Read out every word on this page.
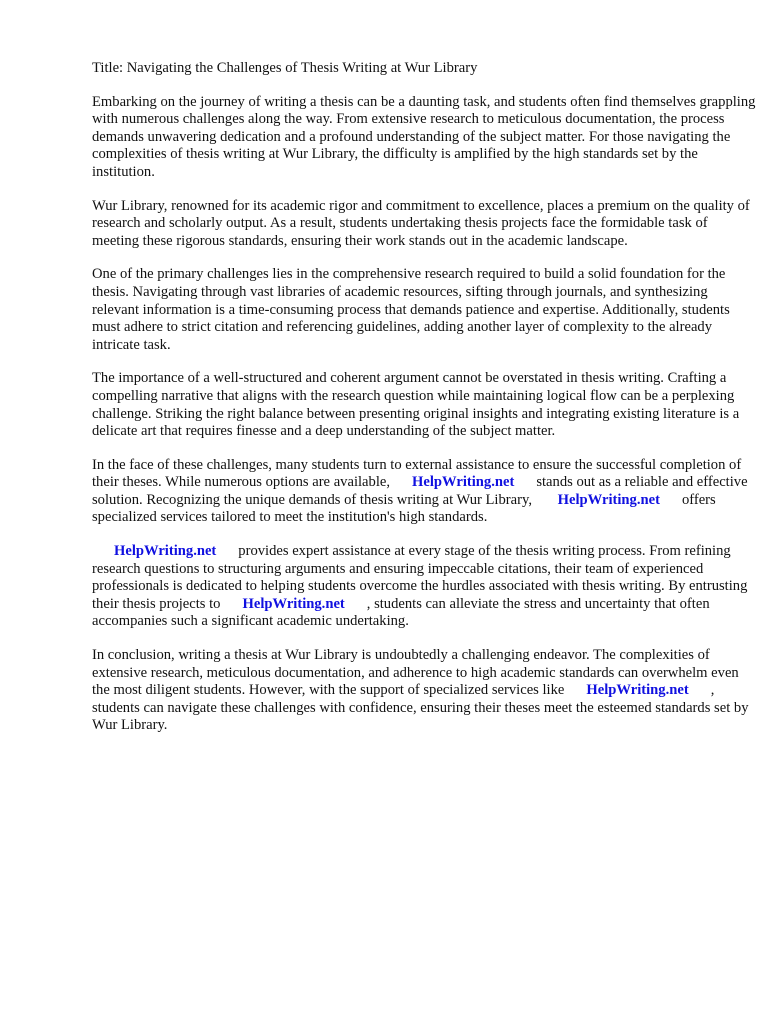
Title: Navigating the Challenges of Thesis Writing at Wur Library

Embarking on the journey of writing a thesis can be a daunting task, and students often find themselves grappling with numerous challenges along the way. From extensive research to meticulous documentation, the process demands unwavering dedication and a profound understanding of the subject matter. For those navigating the complexities of thesis writing at Wur Library, the difficulty is amplified by the high standards set by the institution.

Wur Library, renowned for its academic rigor and commitment to excellence, places a premium on the quality of research and scholarly output. As a result, students undertaking thesis projects face the formidable task of meeting these rigorous standards, ensuring their work stands out in the academic landscape.

One of the primary challenges lies in the comprehensive research required to build a solid foundation for the thesis. Navigating through vast libraries of academic resources, sifting through journals, and synthesizing relevant information is a time-consuming process that demands patience and expertise. Additionally, students must adhere to strict citation and referencing guidelines, adding another layer of complexity to the already intricate task.

The importance of a well-structured and coherent argument cannot be overstated in thesis writing. Crafting a compelling narrative that aligns with the research question while maintaining logical flow can be a perplexing challenge. Striking the right balance between presenting original insights and integrating existing literature is a delicate art that requires finesse and a deep understanding of the subject matter.

In the face of these challenges, many students turn to external assistance to ensure the successful completion of their theses. While numerous options are available, HelpWriting.net stands out as a reliable and effective solution. Recognizing the unique demands of thesis writing at Wur Library, HelpWriting.net offers specialized services tailored to meet the institution's high standards.

HelpWriting.net provides expert assistance at every stage of the thesis writing process. From refining research questions to structuring arguments and ensuring impeccable citations, their team of experienced professionals is dedicated to helping students overcome the hurdles associated with thesis writing. By entrusting their thesis projects to HelpWriting.net , students can alleviate the stress and uncertainty that often accompanies such a significant academic undertaking.

In conclusion, writing a thesis at Wur Library is undoubtedly a challenging endeavor. The complexities of extensive research, meticulous documentation, and adherence to high academic standards can overwhelm even the most diligent students. However, with the support of specialized services like HelpWriting.net , students can navigate these challenges with confidence, ensuring their theses meet the esteemed standards set by Wur Library.
